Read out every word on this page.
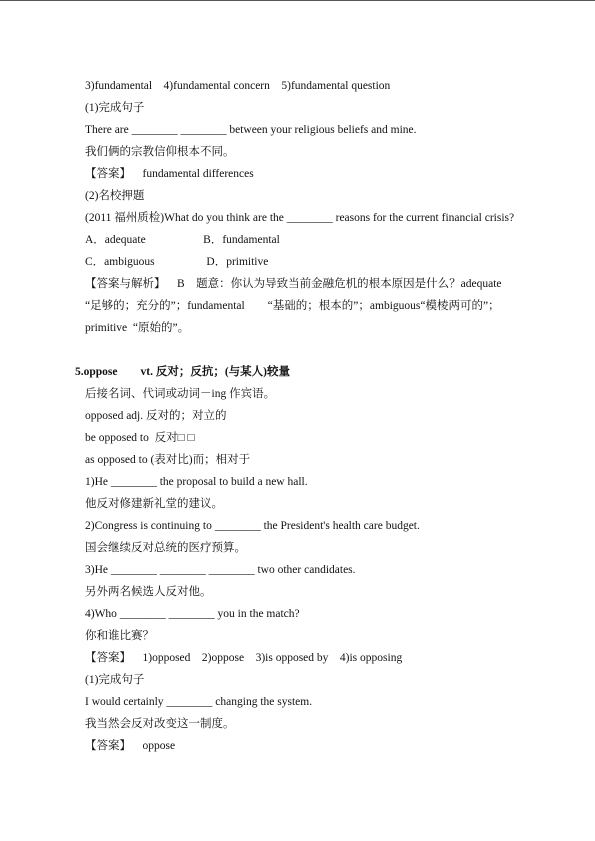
3)fundamental    4)fundamental concern    5)fundamental question

(1)完成句子

There are ________ ________ between your religious beliefs and mine.

我们俩的宗教信仰根本不同。

【答案】    fundamental differences

(2)名校押题

(2011 福州质检)What do you think are the ________ reasons for the current financial crisis?

A．adequate                    B．fundamental

C．ambiguous                  D．primitive

【答案与解析】    B    题意：你认为导致当前金融危机的根本原因是什么？adequate

“足够的；充分的”；fundamental        “基础的；根本的”；ambiguous“模棱两可的”；

primitive  “原始的”。

5.oppose        vt. 反对；反抗；(与某人)较量

后接名词、代词或动词－ing 作宾语。

opposed adj. 反对的；对立的

be opposed to  反对□ □

as opposed to (表对比)而；相对于

1)He ________ the proposal to build a new hall.

他反对修建新礼堂的建议。

2)Congress is continuing to ________ the President's health care budget.

国会继续反对总统的医疗预算。

3)He ________ ________ ________ two other candidates.

另外两名候选人反对他。

4)Who ________ ________ you in the match?

你和谁比赛？

【答案】    1)opposed    2)oppose    3)is opposed by    4)is opposing

(1)完成句子

I would certainly ________ changing the system.

我当然会反对改变这一制度。

【答案】    oppose
